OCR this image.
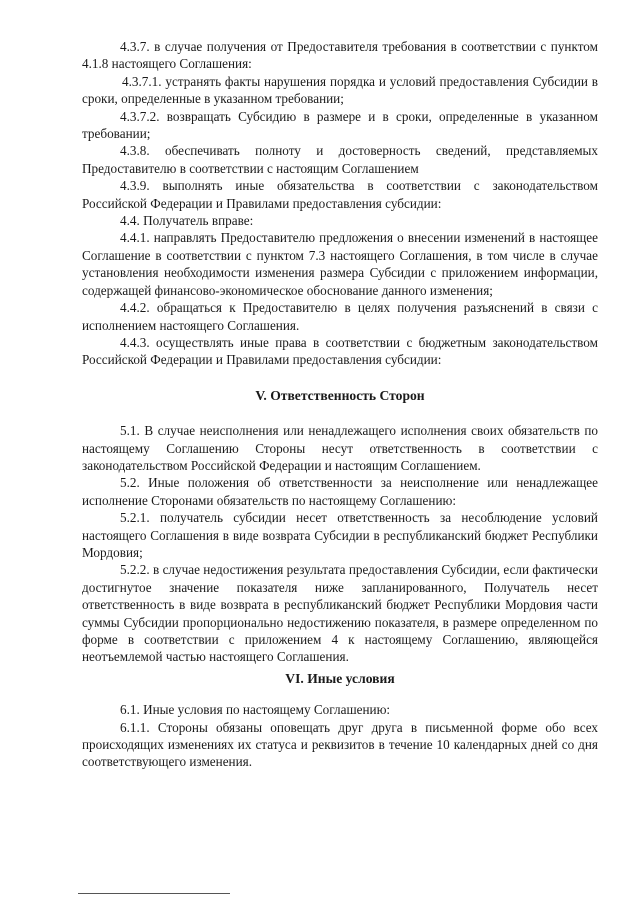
4.3.7. в случае получения от Предоставителя требования в соответствии с пунктом 4.1.8 настоящего Соглашения:

4.3.7.1. устранять факты нарушения порядка и условий предоставления Субсидии в сроки, определенные в указанном требовании;

4.3.7.2. возвращать Субсидию в размере и в сроки, определенные в указанном требовании;

4.3.8. обеспечивать полноту и достоверность сведений, представляемых Предоставителю в соответствии с настоящим Соглашением

4.3.9. выполнять иные обязательства в соответствии с законодательством Российской Федерации и Правилами предоставления субсидии:

4.4. Получатель вправе:

4.4.1. направлять Предоставителю предложения о внесении изменений в настоящее Соглашение в соответствии с пунктом 7.3 настоящего Соглашения, в том числе в случае установления необходимости изменения размера Субсидии с приложением информации, содержащей финансово-экономическое обоснование данного изменения;

4.4.2. обращаться к Предоставителю в целях получения разъяснений в связи с исполнением настоящего Соглашения.

4.4.3. осуществлять иные права в соответствии с бюджетным законодательством Российской Федерации и Правилами предоставления субсидии:

V. Ответственность Сторон

5.1. В случае неисполнения или ненадлежащего исполнения своих обязательств по настоящему Соглашению Стороны несут ответственность в соответствии с законодательством Российской Федерации и настоящим Соглашением.

5.2. Иные положения об ответственности за неисполнение или ненадлежащее исполнение Сторонами обязательств по настоящему Соглашению:

5.2.1. получатель субсидии несет ответственность за несоблюдение условий настоящего Соглашения в виде возврата Субсидии в республиканский бюджет Республики Мордовия;

5.2.2. в случае недостижения результата предоставления Субсидии, если фактически достигнутое значение показателя ниже запланированного, Получатель несет ответственность в виде возврата в республиканский бюджет Республики Мордовия части суммы Субсидии пропорционально недостижению показателя, в размере определенном по форме в соответствии с приложением 4 к настоящему Соглашению, являющейся неотъемлемой частью настоящего Соглашения.

VI. Иные условия

6.1. Иные условия по настоящему Соглашению:

6.1.1. Стороны обязаны оповещать друг друга в письменной форме обо всех происходящих изменениях их статуса и реквизитов в течение 10 календарных дней со дня соответствующего изменения.
